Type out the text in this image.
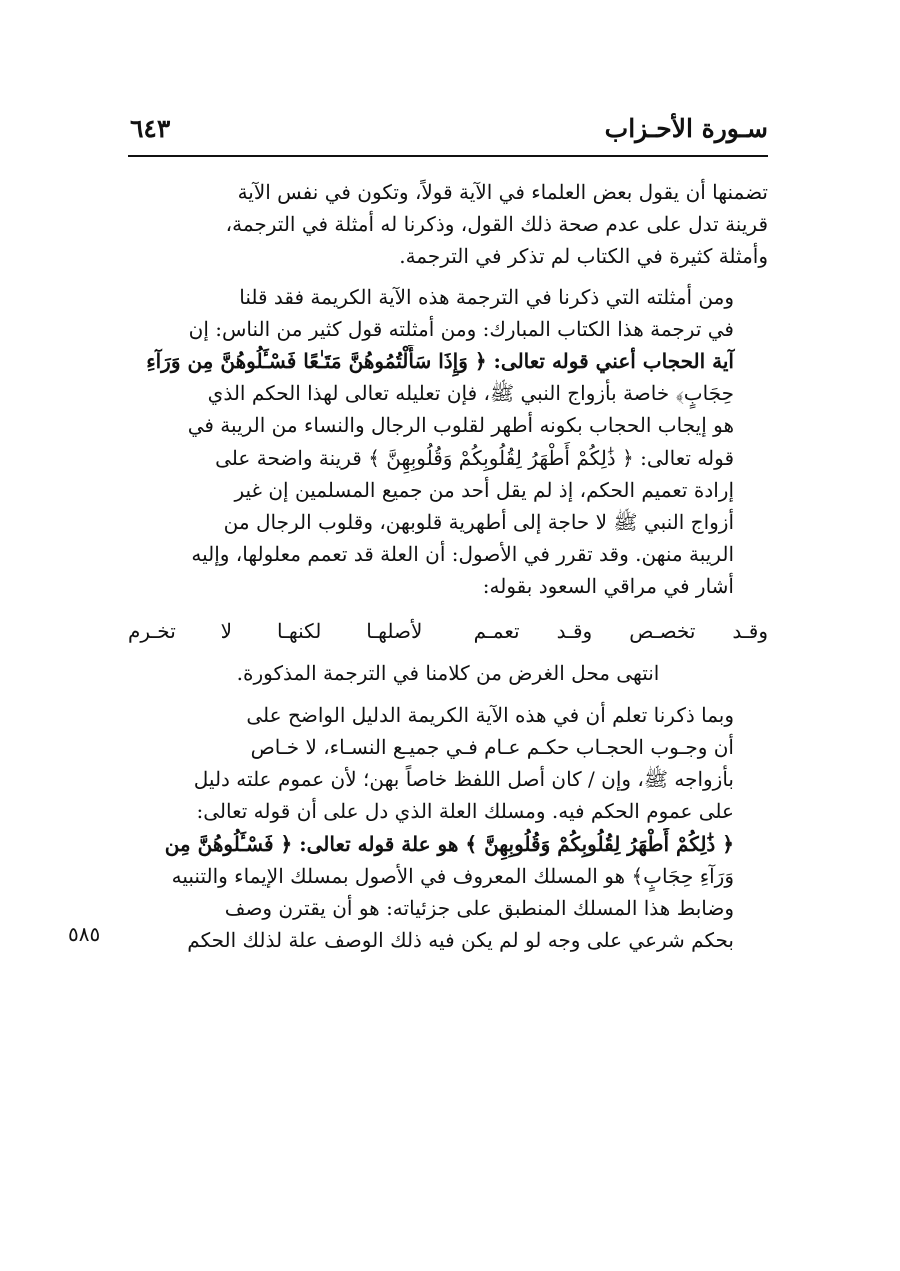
سـورة الأحـزاب
٦٤٣
٥٨٥

تضمنها أن يقول بعض العلماء في الآية قولاً، وتكون في نفس الآية
قرينة تدل على عدم صحة ذلك القول، وذكرنا له أمثلة في الترجمة،
وأمثلة كثيرة في الكتاب لم تذكر في الترجمة.

ومن أمثلته التي ذكرنا في الترجمة هذه الآية الكريمة فقد قلنا
في ترجمة هذا الكتاب المبارك: ومن أمثلته قول كثير من الناس: إن
آية الحجاب أعني قوله تعالى: ﴿ وَإِذَا سَأَلْتُمُوهُنَّ مَتَـٰعًا فَسْـَٔلُوهُنَّ مِن وَرَآءِ
حِجَابٍ﴾ خاصة بأزواج النبي ﷺ، فإن تعليله تعالى لهذا الحكم الذي
هو إيجاب الحجاب بكونه أطهر لقلوب الرجال والنساء من الريبة في
قوله تعالى: ﴿ ذَٰلِكُمْ أَطْهَرُ لِقُلُوبِكُمْ وَقُلُوبِهِنَّ ﴾ قرينة واضحة على
إرادة تعميم الحكم، إذ لم يقل أحد من جميع المسلمين إن غير
أزواج النبي ﷺ لا حاجة إلى أطهرية قلوبهن، وقلوب الرجال من
الريبة منهن. وقد تقرر في الأصول: أن العلة قد تعمم معلولها، وإليه
أشار في مراقي السعود بقوله:

وقـد تخصـص وقـد تعمـم
لأصلهـا لكنهـا لا تخـرم

انتهى محل الغرض من كلامنا في الترجمة المذكورة.

وبما ذكرنا تعلم أن في هذه الآية الكريمة الدليل الواضح على
أن وجـوب الحجـاب حكـم عـام فـي جميـع النسـاء، لا خـاص
بأزواجه ﷺ، وإن / كان أصل اللفظ خاصاً بهن؛ لأن عموم علته دليل
على عموم الحكم فيه. ومسلك العلة الذي دل على أن قوله تعالى:
﴿ ذَٰلِكُمْ أَطْهَرُ لِقُلُوبِكُمْ وَقُلُوبِهِنَّ ﴾ هو علة قوله تعالى: ﴿ فَسْـَٔلُوهُنَّ مِن
وَرَآءِ حِجَابٍ﴾ هو المسلك المعروف في الأصول بمسلك الإيماء والتنبيه
وضابط هذا المسلك المنطبق على جزئياته: هو أن يقترن وصف
بحكم شرعي على وجه لو لم يكن فيه ذلك الوصف علة لذلك الحكم
